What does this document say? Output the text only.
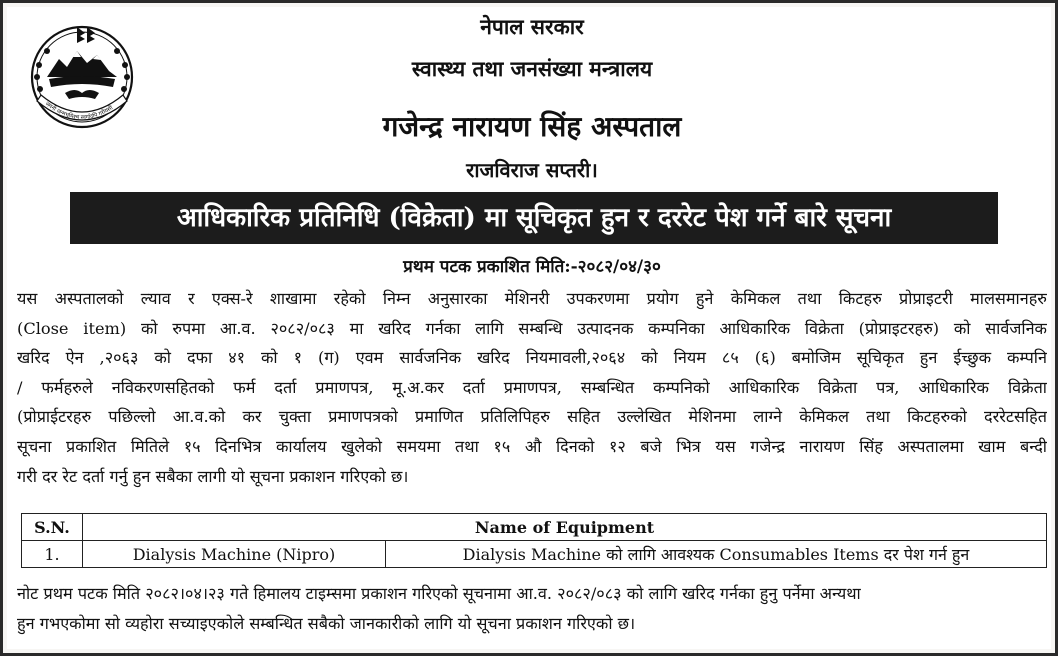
जननी जन्मभूमिश्च स्वर्गादपि गरीयसी
नेपाल सरकार
स्वास्थ्य तथा जनसंख्या मन्त्रालय
गजेन्द्र नारायण सिंह अस्पताल
राजविराज सप्तरी।
आधिकारिक प्रतिनिधि (विक्रेता) मा सूचिकृत हुन र दररेट पेश गर्ने बारे सूचना
प्रथम पटक प्रकाशित मिति:-२०८२/०४/३०
यस अस्पतालको ल्याव र एक्स-रे शाखामा रहेको निम्न अनुसारका मेशिनरी उपकरणमा प्रयोग हुने केमिकल तथा किटहरु प्रोप्राइटरी मालसमानहरु
(Close item) को रुपमा आ.व. २०८२/०८३ मा खरिद गर्नका लागि सम्बन्धि उत्पादनक कम्पनिका आधिकारिक विक्रेता (प्रोप्राइटरहरु) को सार्वजनिक
खरिद ऐन ,२०६३ को दफा ४१ को १ (ग) एवम सार्वजनिक खरिद नियमावली,२०६४ को नियम ८५ (६) बमोजिम सूचिकृत हुन ईच्छुक कम्पनि
/ फर्महरुले नविकरणसहितको फर्म दर्ता प्रमाणपत्र, मू.अ.कर दर्ता प्रमाणपत्र, सम्बन्धित कम्पनिको आधिकारिक विक्रेता पत्र, आधिकारिक विक्रेता
(प्रोप्राईटरहरु पछिल्लो आ.व.को कर चुक्ता प्रमाणपत्रको प्रमाणित प्रतिलिपिहरु सहित उल्लेखित मेशिनमा लाग्ने केमिकल तथा किटहरुको दररेटसहित
सूचना प्रकाशित मितिले १५ दिनभित्र कार्यालय खुलेको समयमा तथा १५ औ दिनको १२ बजे भित्र यस गजेन्द्र नारायण सिंह अस्पतालमा खाम बन्दी
गरी दर रेट दर्ता गर्नु हुन सबैका लागी यो सूचना प्रकाशन गरिएको छ।
S.N.	Name of Equipment	
1.	Dialysis Machine (Nipro)	Dialysis Machine को लागि आवश्यक Consumables Items दर पेश गर्न हुन
नोट प्रथम पटक मिति २०८२।०४।२३ गते हिमालय टाइम्समा प्रकाशन गरिएको सूचनामा आ.व. २०८२/०८३ को लागि खरिद गर्नका हुनु पर्नेमा अन्यथा
हुन गभएकोमा सो व्यहोरा सच्याइएकोले सम्बन्धित सबैको जानकारीको लागि यो सूचना प्रकाशन गरिएको छ।
